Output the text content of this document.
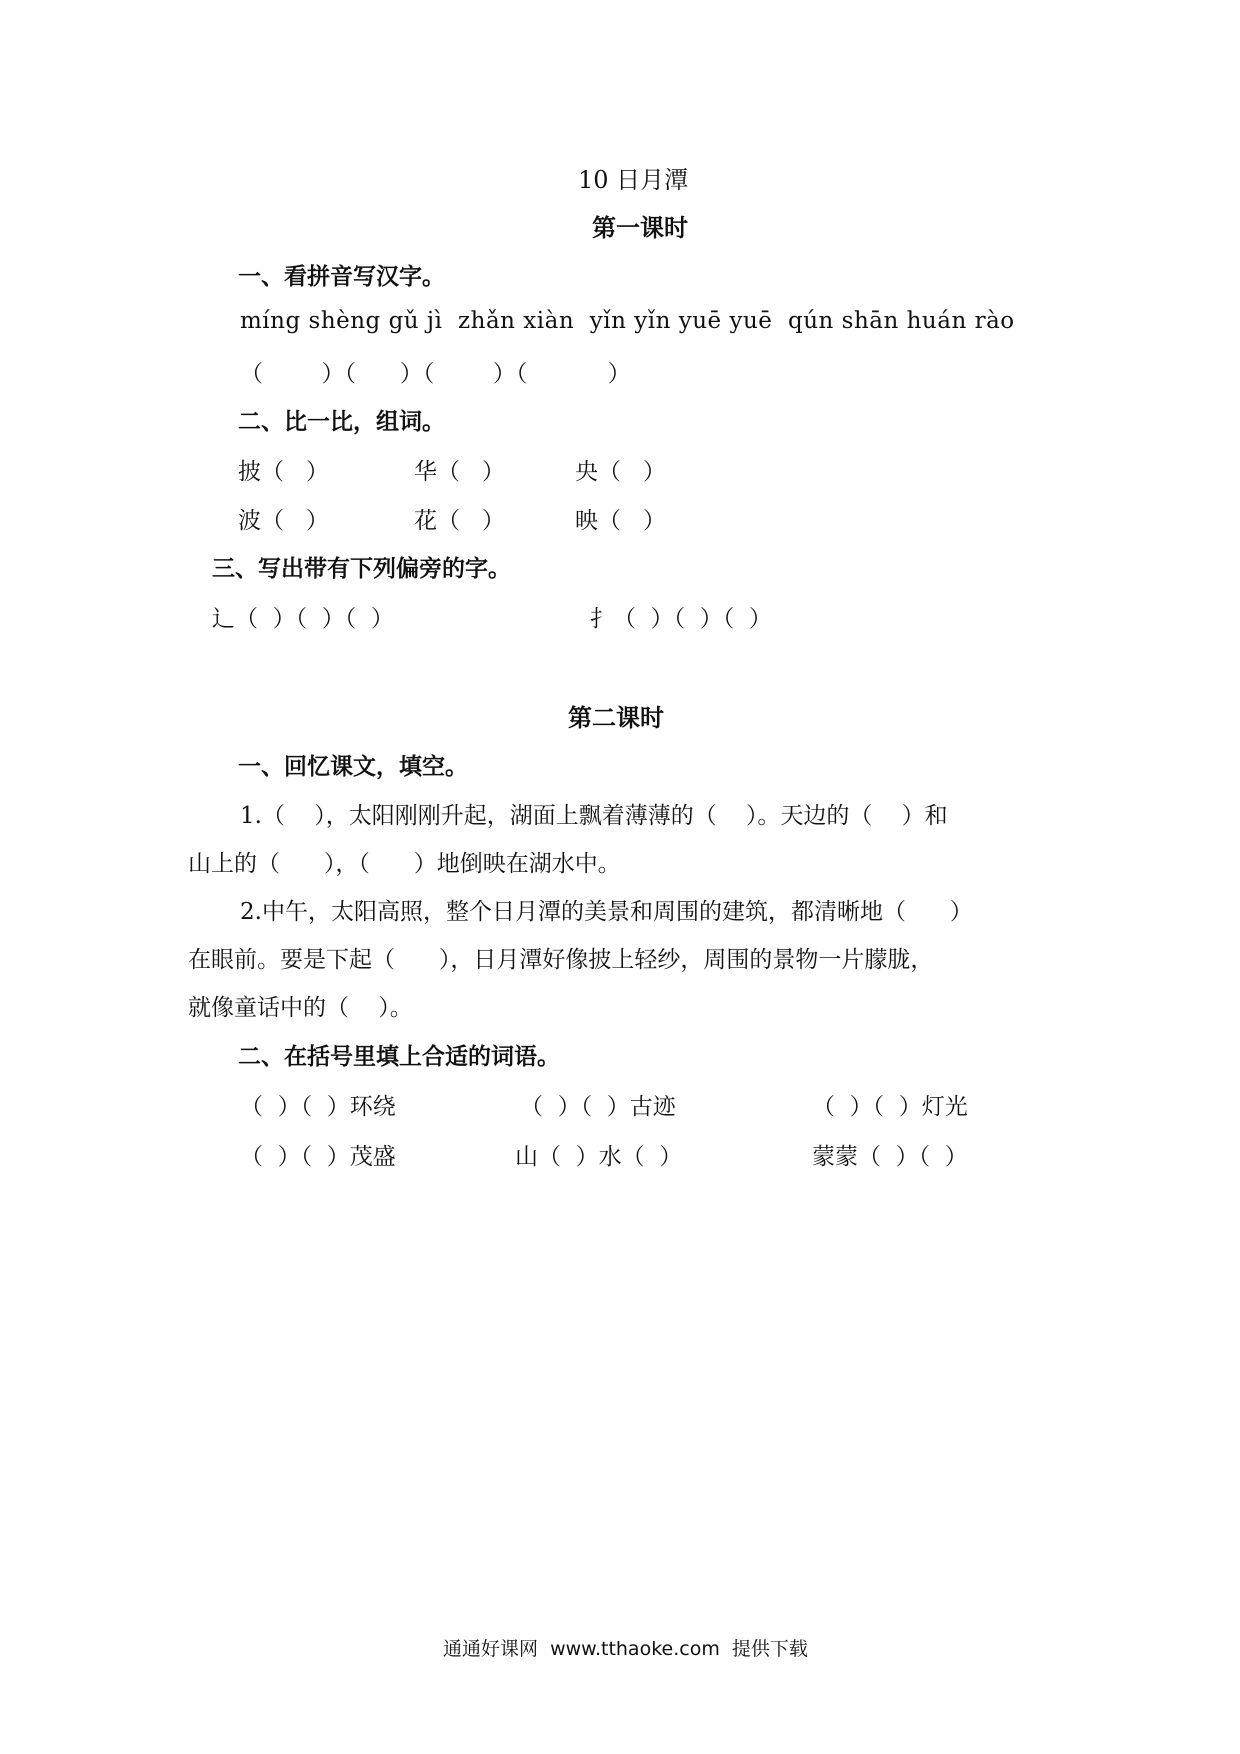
10 日月潭
第一课时
一、看拼音写汉字。
míng shèng gǔ jì  zhǎn xiàn  yǐn yǐn yuē yuē  qún shān huán rào
（        ）（      ）（        ）（           ）
二、比一比，组词。
披（   ）	华（   ）	央（   ）
波（   ）	花（   ）	映（   ）
三、写出带有下列偏旁的字。
辶（  ）（  ）（  ）	扌（  ）（  ）（  ）
第二课时
一、回忆课文，填空。
1.（    ），太阳刚刚升起，湖面上飘着薄薄的（    ）。天边的（    ）和
山上的（      ），（      ）地倒映在湖水中。
2.中午，太阳高照，整个日月潭的美景和周围的建筑，都清晰地（      ）
在眼前。要是下起（      ），日月潭好像披上轻纱，周围的景物一片朦胧，
就像童话中的（    ）。
二、在括号里填上合适的词语。
（  ）（  ）环绕	（  ）（  ）古迹	（  ）（  ）灯光
（  ）（  ）茂盛	山（  ）水（  ）	蒙蒙（  ）（  ）
通通好课网  www.tthaoke.com  提供下载
